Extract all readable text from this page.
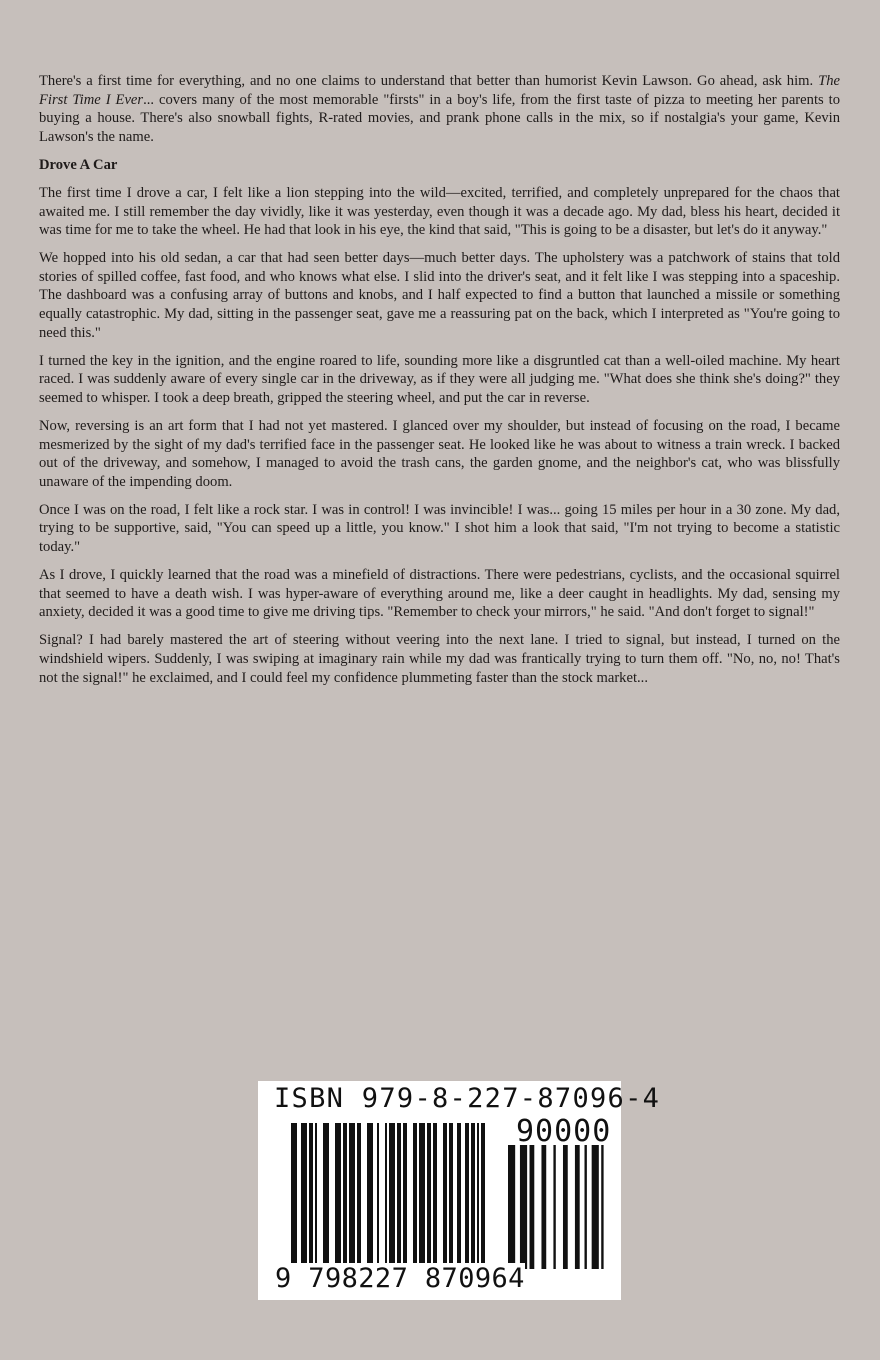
There's a first time for everything, and no one claims to understand that better than humorist Kevin Lawson. Go ahead, ask him. The First Time I Ever... covers many of the most memorable "firsts" in a boy's life, from the first taste of pizza to meeting her parents to buying a house. There's also snowball fights, R-rated movies, and prank phone calls in the mix, so if nostalgia's your game, Kevin Lawson's the name.

Drove A Car

The first time I drove a car, I felt like a lion stepping into the wild—excited, terrified, and completely unprepared for the chaos that awaited me. I still remember the day vividly, like it was yesterday, even though it was a decade ago. My dad, bless his heart, decided it was time for me to take the wheel. He had that look in his eye, the kind that said, "This is going to be a disaster, but let's do it anyway."

We hopped into his old sedan, a car that had seen better days—much better days. The upholstery was a patchwork of stains that told stories of spilled coffee, fast food, and who knows what else. I slid into the driver's seat, and it felt like I was stepping into a spaceship. The dashboard was a confusing array of buttons and knobs, and I half expected to find a button that launched a missile or something equally catastrophic. My dad, sitting in the passenger seat, gave me a reassuring pat on the back, which I interpreted as "You're going to need this."

I turned the key in the ignition, and the engine roared to life, sounding more like a disgruntled cat than a well-oiled machine. My heart raced. I was suddenly aware of every single car in the driveway, as if they were all judging me. "What does she think she's doing?" they seemed to whisper. I took a deep breath, gripped the steering wheel, and put the car in reverse.

Now, reversing is an art form that I had not yet mastered. I glanced over my shoulder, but instead of focusing on the road, I became mesmerized by the sight of my dad's terrified face in the passenger seat. He looked like he was about to witness a train wreck. I backed out of the driveway, and somehow, I managed to avoid the trash cans, the garden gnome, and the neighbor's cat, who was blissfully unaware of the impending doom.

Once I was on the road, I felt like a rock star. I was in control! I was invincible! I was... going 15 miles per hour in a 30 zone. My dad, trying to be supportive, said, "You can speed up a little, you know." I shot him a look that said, "I'm not trying to become a statistic today."

As I drove, I quickly learned that the road was a minefield of distractions. There were pedestrians, cyclists, and the occasional squirrel that seemed to have a death wish. I was hyper-aware of everything around me, like a deer caught in headlights. My dad, sensing my anxiety, decided it was a good time to give me driving tips. "Remember to check your mirrors," he said. "And don't forget to signal!"

Signal? I had barely mastered the art of steering without veering into the next lane. I tried to signal, but instead, I turned on the windshield wipers. Suddenly, I was swiping at imaginary rain while my dad was frantically trying to turn them off. "No, no, no! That's not the signal!" he exclaimed, and I could feel my confidence plummeting faster than the stock market...

ISBN 979-8-227-87096-4
90000
9 798227 870964
